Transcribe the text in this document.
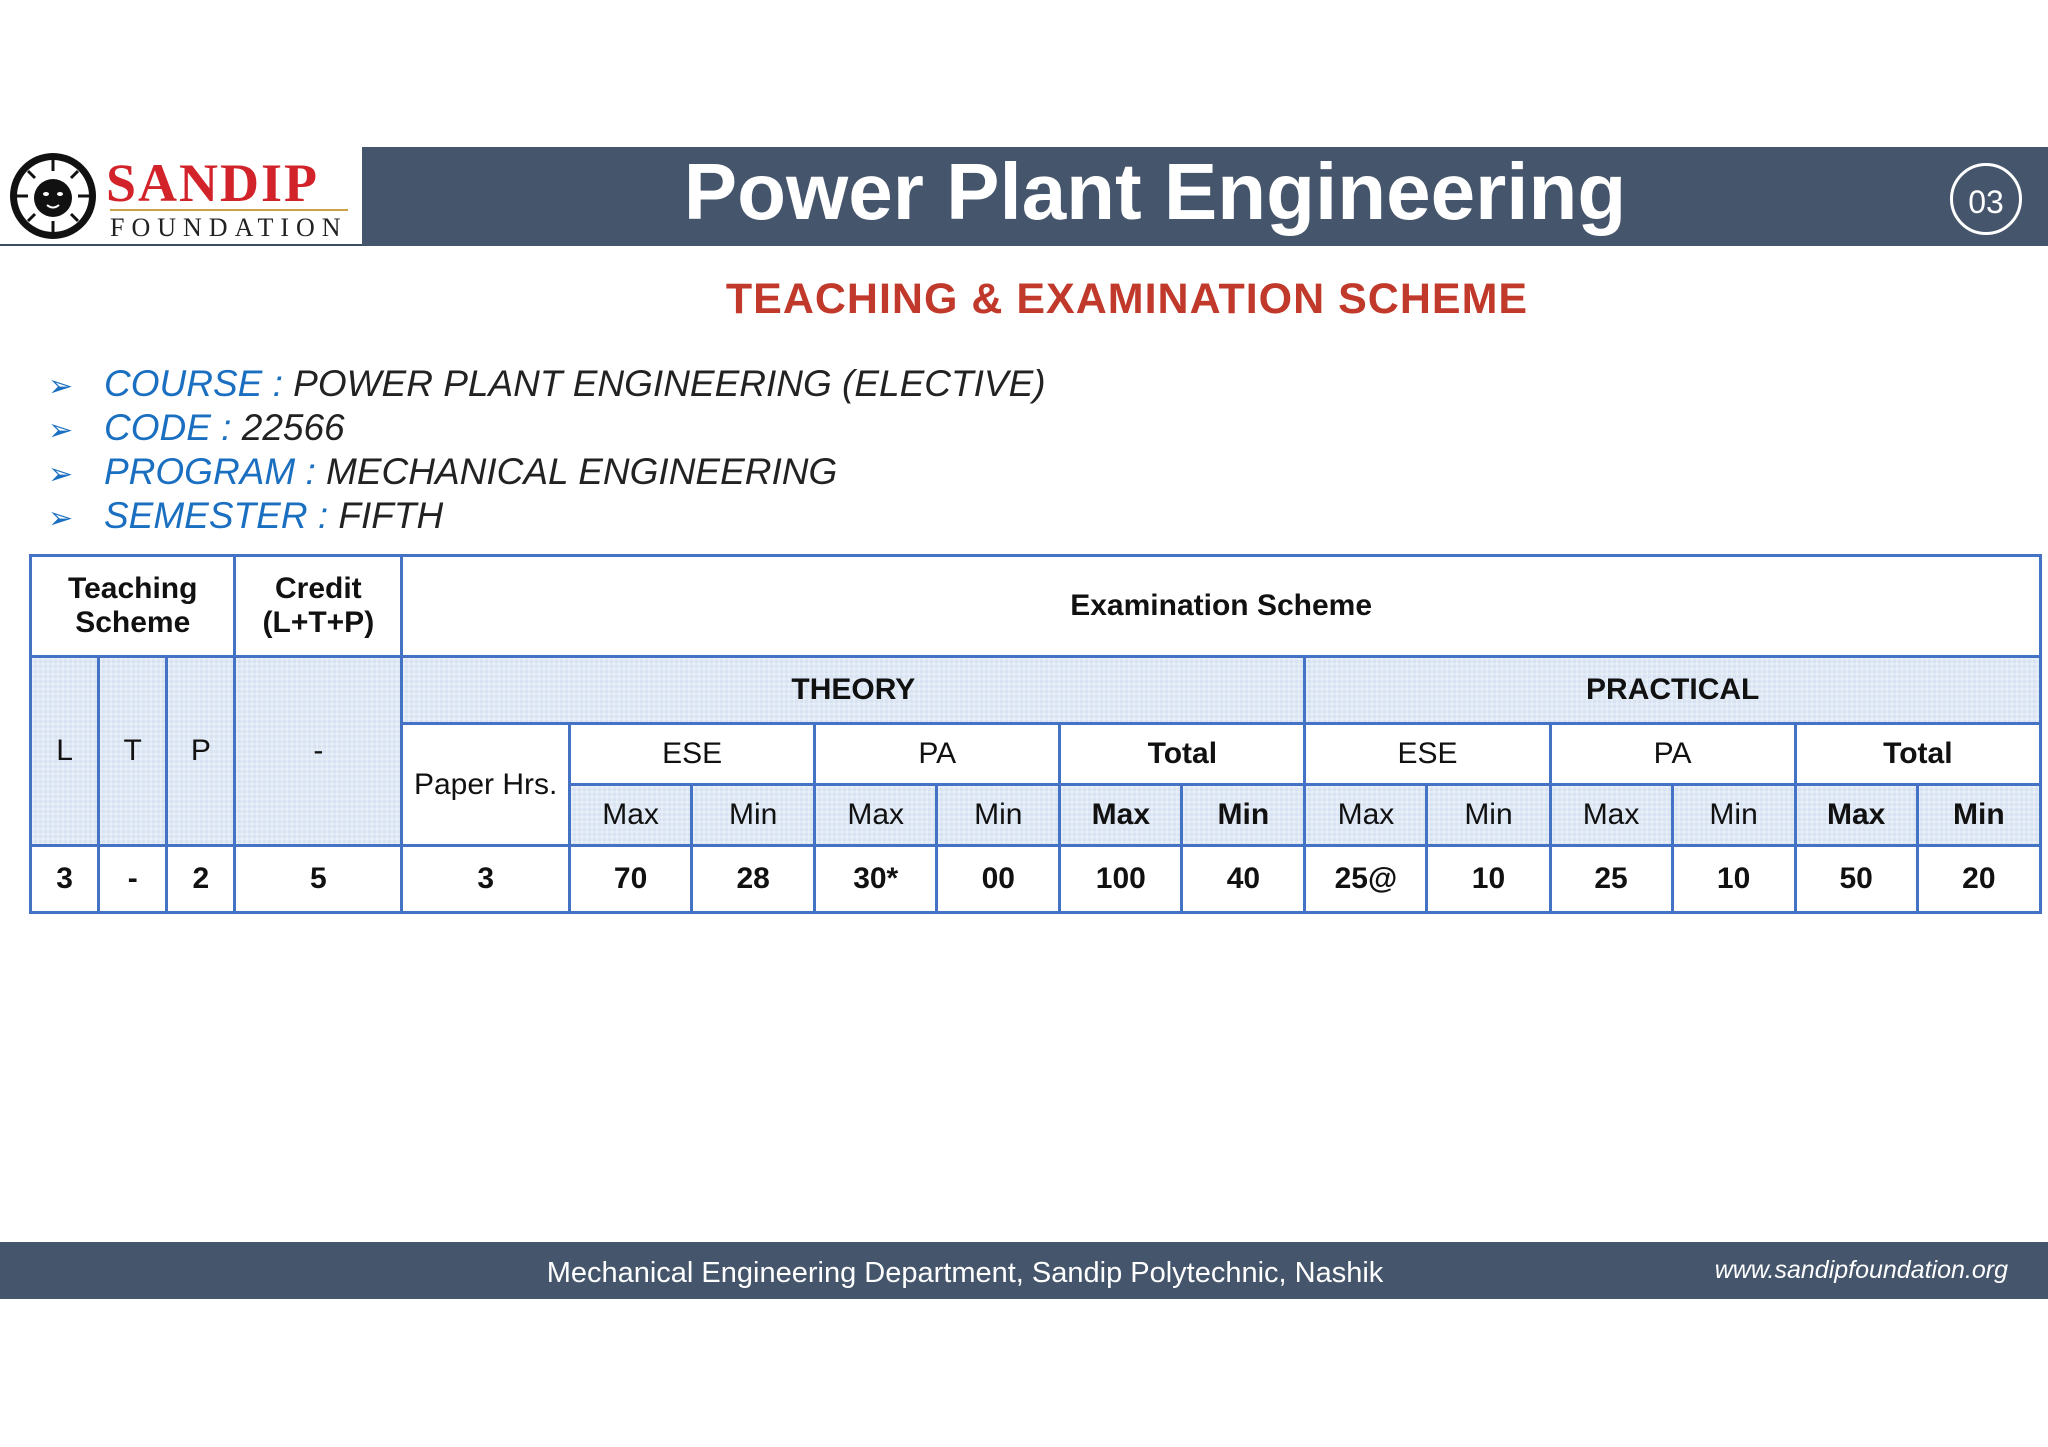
SANDIP
FOUNDATION	Power Plant Engineering	03
TEACHING & EXAMINATION SCHEME
➢ COURSE : POWER PLANT ENGINEERING (ELECTIVE)
➢ CODE : 22566
➢ PROGRAM : MECHANICAL ENGINEERING
➢ SEMESTER : FIFTH
Teaching Scheme			Credit (L+T+P)	Examination Scheme												
L	T	P	-	THEORY							PRACTICAL					
				Paper Hrs.	ESE		PA		Total		ESE		PA		Total	
					Max	Min	Max	Min	Max	Min	Max	Min	Max	Min	Max	Min
3	-	2	5	3	70	28	30*	00	100	40	25@	10	25	10	50	20
Mechanical Engineering Department, Sandip Polytechnic, Nashik	www.sandipfoundation.org
